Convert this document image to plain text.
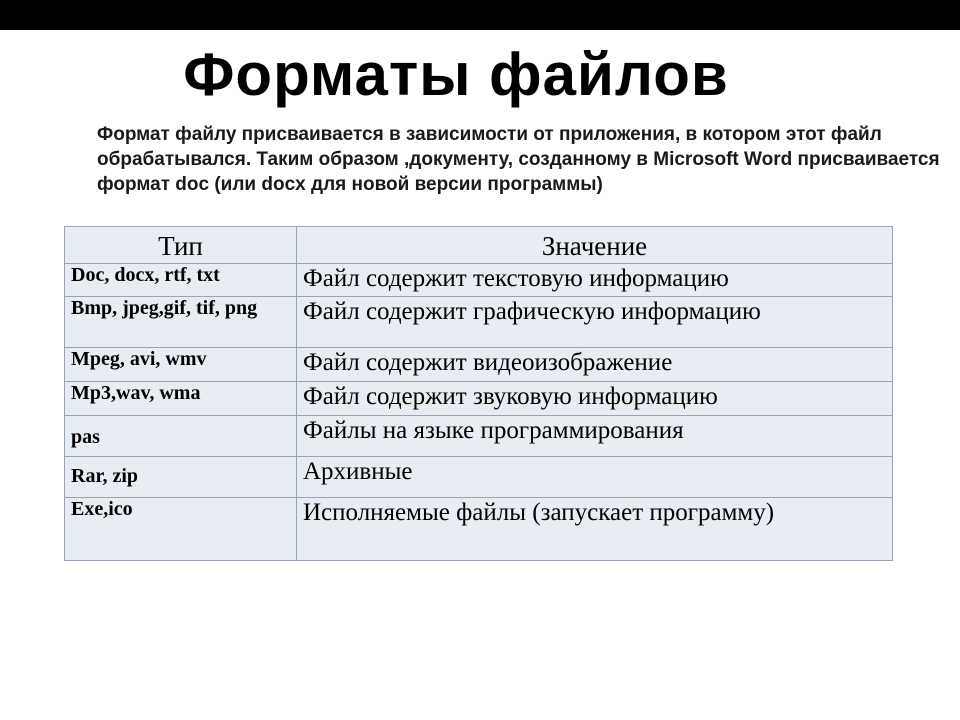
Форматы файлов
Формат файлу присваивается в зависимости от приложения, в котором этот файл обрабатывался. Таким образом ,документу, созданному в Microsoft Word присваивается формат doc (или docx для новой версии программы)
Тип	Значение
Doc, docx, rtf, txt	Файл содержит текстовую информацию
Bmp, jpeg,gif, tif, png	Файл содержит графическую информацию
Mpeg, avi, wmv	Файл содержит видеоизображение
Mp3,wav, wma	Файл содержит звуковую информацию
pas	Файлы на языке программирования
Rar, zip	Архивные
Exe,ico	Исполняемые файлы (запускает программу)
